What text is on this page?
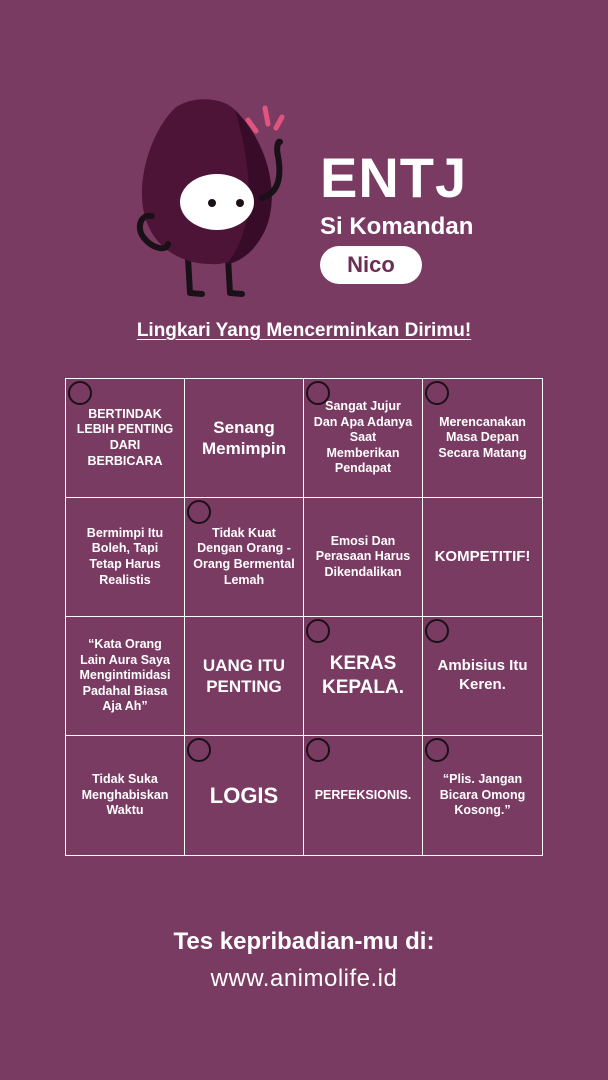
ENTJ
Si Komandan
Nico
Lingkari Yang Mencerminkan Dirimu!
BERTINDAK LEBIH PENTING DARI BERBICARA
Senang Memimpin
Sangat Jujur Dan Apa Adanya Saat Memberikan Pendapat
Merencanakan Masa Depan Secara Matang
Bermimpi Itu Boleh, Tapi Tetap Harus Realistis
Tidak Kuat Dengan Orang - Orang Bermental Lemah
Emosi Dan Perasaan Harus Dikendalikan
KOMPETITIF!
“Kata Orang Lain Aura Saya Mengintimidasi Padahal Biasa Aja Ah”
UANG ITU PENTING
KERAS KEPALA.
Ambisius Itu Keren.
Tidak Suka Menghabiskan Waktu
LOGIS	PERFEKSIONIS.
“Plis. Jangan Bicara Omong Kosong.”
Tes kepribadian-mu di:
www.animolife.id
